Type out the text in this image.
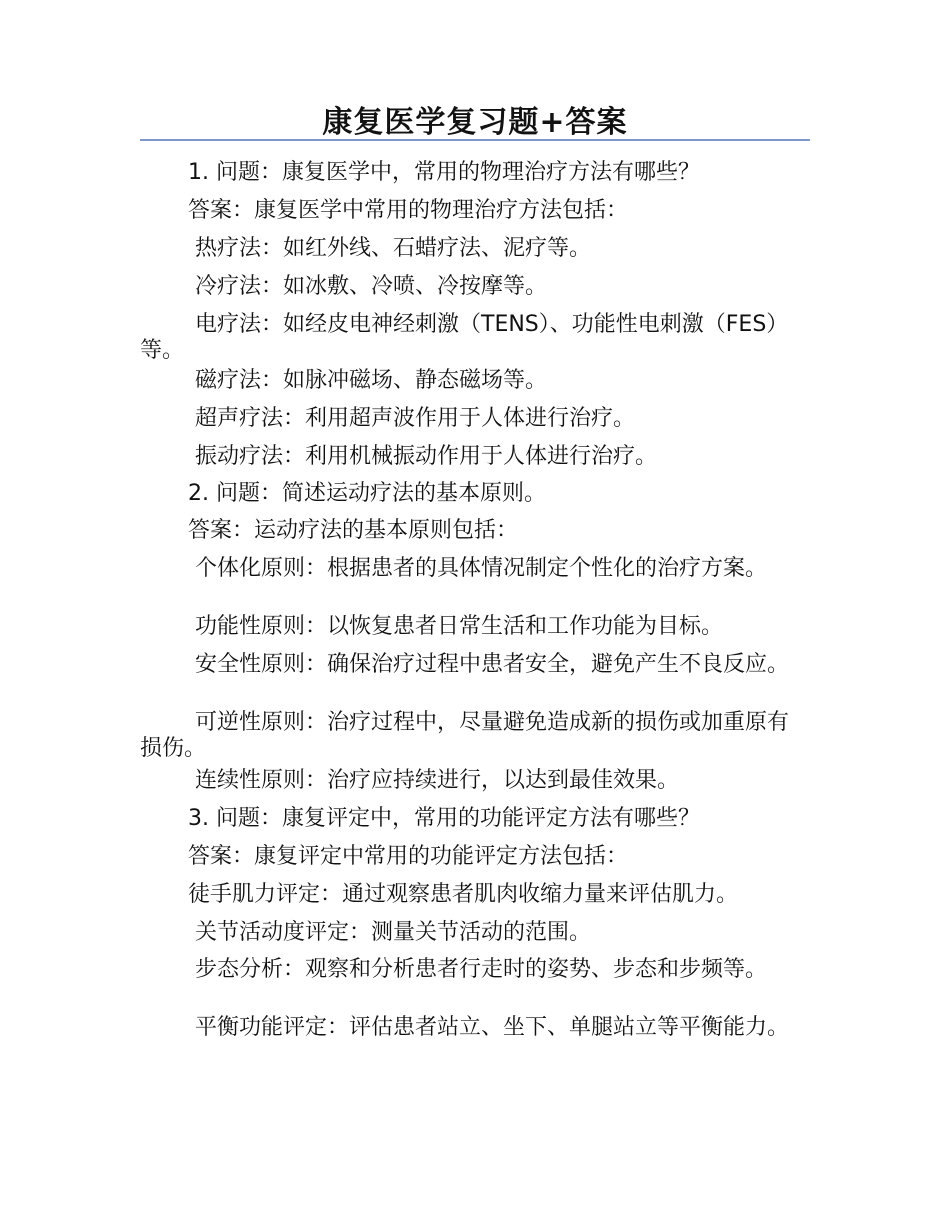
康复医学复习题+答案

1. 问题：康复医学中，常用的物理治疗方法有哪些？

答案：康复医学中常用的物理治疗方法包括：

热疗法：如红外线、石蜡疗法、泥疗等。

冷疗法：如冰敷、冷喷、冷按摩等。

电疗法：如经皮电神经刺激（TENS）、功能性电刺激（FES）等。

磁疗法：如脉冲磁场、静态磁场等。

超声疗法：利用超声波作用于人体进行治疗。

振动疗法：利用机械振动作用于人体进行治疗。

2. 问题：简述运动疗法的基本原则。

答案：运动疗法的基本原则包括：

个体化原则：根据患者的具体情况制定个性化的治疗方案。

功能性原则：以恢复患者日常生活和工作功能为目标。

安全性原则：确保治疗过程中患者安全，避免产生不良反应。

可逆性原则：治疗过程中，尽量避免造成新的损伤或加重原有损伤。

连续性原则：治疗应持续进行，以达到最佳效果。

3. 问题：康复评定中，常用的功能评定方法有哪些？

答案：康复评定中常用的功能评定方法包括：

徒手肌力评定：通过观察患者肌肉收缩力量来评估肌力。

关节活动度评定：测量关节活动的范围。

步态分析：观察和分析患者行走时的姿势、步态和步频等。

平衡功能评定：评估患者站立、坐下、单腿站立等平衡能力。
